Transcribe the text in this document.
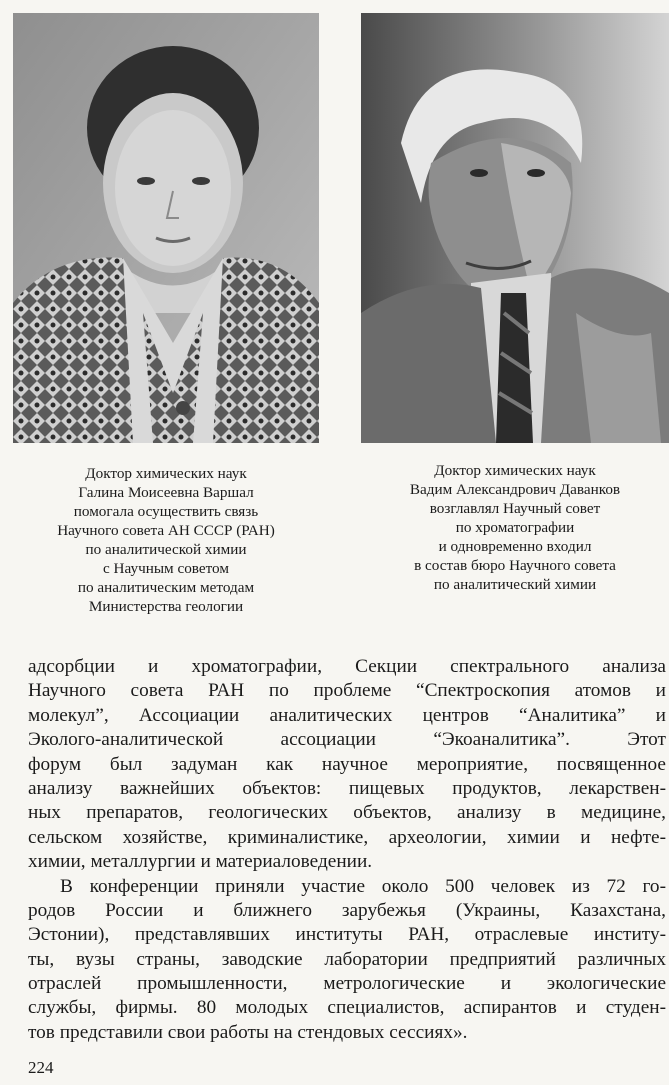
Доктор химических наук
Галина Моисеевна Варшал
помогала осуществить связь
Научного совета АН СССР (РАН)
по аналитической химии
с Научным советом
по аналитическим методам
Министерства геологии
Доктор химических наук
Вадим Александрович Даванков
возглавлял Научный совет
по хроматографии
и одновременно входил
в состав бюро Научного совета
по аналитический химии
адсорбции и хроматографии, Секции спектрального анализа
Научного совета РАН по проблеме “Спектроскопия атомов и
молекул”, Ассоциации аналитических центров “Аналитика” и
Эколого-аналитической ассоциации “Экоаналитика”. Этот
форум был задуман как научное мероприятие, посвященное
анализу важнейших объектов: пищевых продуктов, лекарствен-
ных препаратов, геологических объектов, анализу в медицине,
сельском хозяйстве, криминалистике, археологии, химии и нефте-
химии, металлургии и материаловедении.
В конференции приняли участие около 500 человек из 72 го-
родов России и ближнего зарубежья (Украины, Казахстана,
Эстонии), представлявших институты РАН, отраслевые институ-
ты, вузы страны, заводские лаборатории предприятий различных
отраслей промышленности, метрологические и экологические
службы, фирмы. 80 молодых специалистов, аспирантов и студен-
тов представили свои работы на стендовых сессиях».
224
